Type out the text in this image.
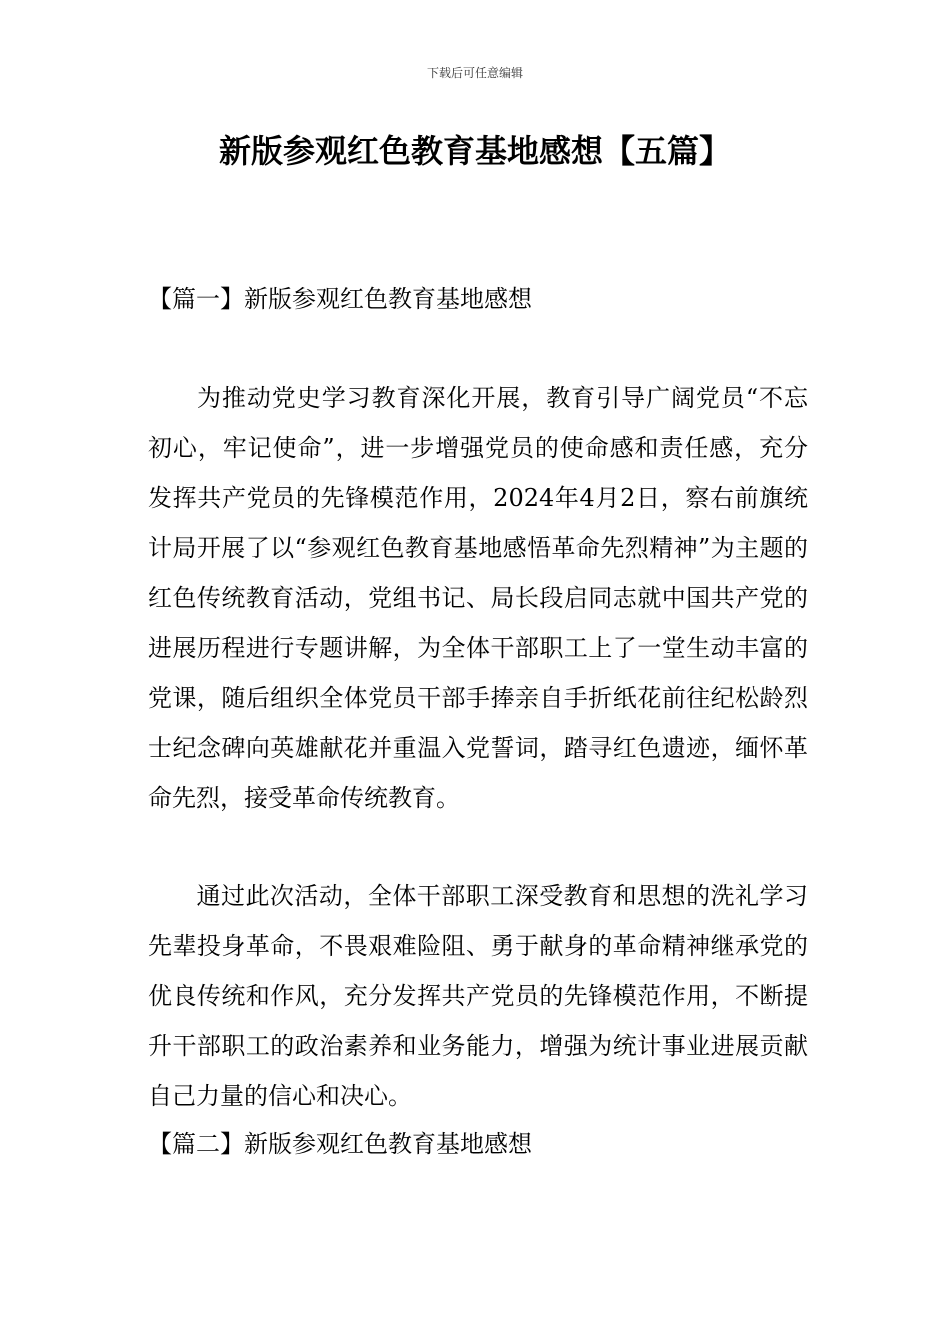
下载后可任意编辑
新版参观红色教育基地感想【五篇】
【篇一】新版参观红色教育基地感想

为推动党史学习教育深化开展，教育引导广阔党员“不忘初心，牢记使命”，进一步增强党员的使命感和责任感，充分发挥共产党员的先锋模范作用，2024年4月2日，察右前旗统计局开展了以“参观红色教育基地感悟革命先烈精神”为主题的红色传统教育活动，党组书记、局长段启同志就中国共产党的进展历程进行专题讲解，为全体干部职工上了一堂生动丰富的党课，随后组织全体党员干部手捧亲自手折纸花前往纪松龄烈士纪念碑向英雄献花并重温入党誓词，踏寻红色遗迹，缅怀革命先烈，接受革命传统教育。

通过此次活动，全体干部职工深受教育和思想的洗礼学习先辈投身革命，不畏艰难险阻、勇于献身的革命精神继承党的优良传统和作风，充分发挥共产党员的先锋模范作用，不断提升干部职工的政治素养和业务能力，增强为统计事业进展贡献自己力量的信心和决心。

【篇二】新版参观红色教育基地感想
